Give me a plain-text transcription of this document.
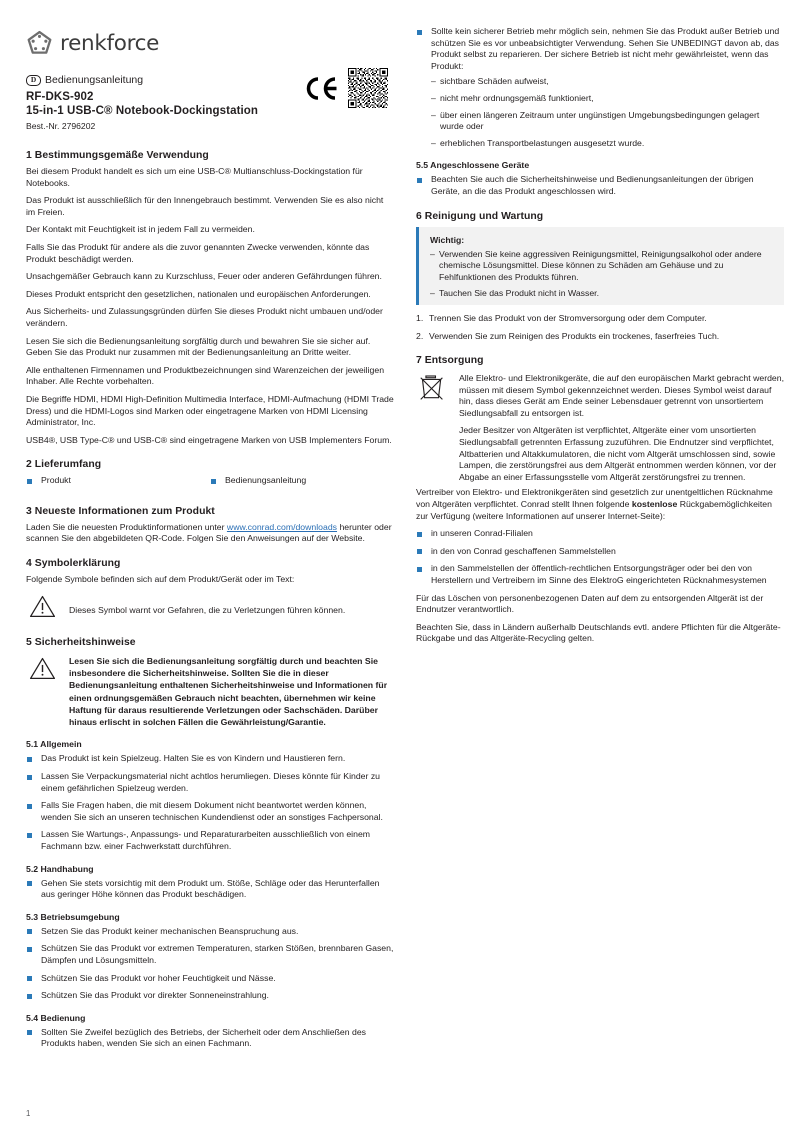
renkforce
D Bedienungsanleitung
RF-DKS-902
15-in-1 USB-C® Notebook-Dockingstation
Best.-Nr. 2796202
1 Bestimmungsgemäße Verwendung

Bei diesem Produkt handelt es sich um eine USB-C® Multianschluss-Dockingstation für Notebooks.

Das Produkt ist ausschließlich für den Innengebrauch bestimmt. Verwenden Sie es also nicht im Freien.

Der Kontakt mit Feuchtigkeit ist in jedem Fall zu vermeiden.

Falls Sie das Produkt für andere als die zuvor genannten Zwecke verwenden, könnte das Produkt beschädigt werden.

Unsachgemäßer Gebrauch kann zu Kurzschluss, Feuer oder anderen Gefährdungen führen.

Dieses Produkt entspricht den gesetzlichen, nationalen und europäischen Anforderungen.

Aus Sicherheits- und Zulassungsgründen dürfen Sie dieses Produkt nicht umbauen und/oder verändern.

Lesen Sie sich die Bedienungsanleitung sorgfältig durch und bewahren Sie sie sicher auf. Geben Sie das Produkt nur zusammen mit der Bedienungsanleitung an Dritte weiter.

Alle enthaltenen Firmennamen und Produktbezeichnungen sind Warenzeichen der jeweiligen Inhaber. Alle Rechte vorbehalten.

Die Begriffe HDMI, HDMI High-Definition Multimedia Interface, HDMI-Aufmachung (HDMI Trade Dress) und die HDMI-Logos sind Marken oder eingetragene Marken von HDMI Licensing Administrator, Inc.

USB4®, USB Type-C® und USB-C® sind eingetragene Marken von USB Implementers Forum.

2 Lieferumfang
Produkt	Bedienungsanleitung
3 Neueste Informationen zum Produkt

Laden Sie die neuesten Produktinformationen unter www.conrad.com/downloads herunter oder scannen Sie den abgebildeten QR-Code. Folgen Sie den Anweisungen auf der Website.

4 Symbolerklärung

Folgende Symbole befinden sich auf dem Produkt/Gerät oder im Text:

Dieses Symbol warnt vor Gefahren, die zu Verletzungen führen können.

5 Sicherheitshinweise

Lesen Sie sich die Bedienungsanleitung sorgfältig durch und beachten Sie insbesondere die Sicherheitshinweise. Sollten Sie die in dieser Bedienungsanleitung enthaltenen Sicherheitshinweise und Informationen für einen ordnungsgemäßen Gebrauch nicht beachten, übernehmen wir keine Haftung für daraus resultierende Verletzungen oder Sachschäden. Darüber hinaus erlischt in solchen Fällen die Gewährleistung/Garantie.

5.1 Allgemein
Das Produkt ist kein Spielzeug. Halten Sie es von Kindern und Haustieren fern.
Lassen Sie Verpackungsmaterial nicht achtlos herumliegen. Dieses könnte für Kinder zu einem gefährlichen Spielzeug werden.
Falls Sie Fragen haben, die mit diesem Dokument nicht beantwortet werden können, wenden Sie sich an unseren technischen Kundendienst oder an sonstiges Fachpersonal.
Lassen Sie Wartungs-, Anpassungs- und Reparaturarbeiten ausschließlich von einem Fachmann bzw. einer Fachwerkstatt durchführen.
5.2 Handhabung
Gehen Sie stets vorsichtig mit dem Produkt um. Stöße, Schläge oder das Herunterfallen aus geringer Höhe können das Produkt beschädigen.
5.3 Betriebsumgebung
Setzen Sie das Produkt keiner mechanischen Beanspruchung aus.
Schützen Sie das Produkt vor extremen Temperaturen, starken Stößen, brennbaren Gasen, Dämpfen und Lösungsmitteln.
Schützen Sie das Produkt vor hoher Feuchtigkeit und Nässe.
Schützen Sie das Produkt vor direkter Sonneneinstrahlung.
5.4 Bedienung
Sollten Sie Zweifel bezüglich des Betriebs, der Sicherheit oder dem Anschließen des Produkts haben, wenden Sie sich an einen Fachmann.
Sollte kein sicherer Betrieb mehr möglich sein, nehmen Sie das Produkt außer Betrieb und schützen Sie es vor unbeabsichtigter Verwendung. Sehen Sie UNBEDINGT davon ab, das Produkt selbst zu reparieren. Der sichere Betrieb ist nicht mehr gewährleistet, wenn das Produkt:
– sichtbare Schäden aufweist,
– nicht mehr ordnungsgemäß funktioniert,
– über einen längeren Zeitraum unter ungünstigen Umgebungsbedingungen gelagert wurde oder
– erheblichen Transportbelastungen ausgesetzt wurde.
5.5 Angeschlossene Geräte
Beachten Sie auch die Sicherheitshinweise und Bedienungsanleitungen der übrigen Geräte, an die das Produkt angeschlossen wird.
6 Reinigung und Wartung

Wichtig:

– Verwenden Sie keine aggressiven Reinigungsmittel, Reinigungsalkohol oder andere chemische Lösungsmittel. Diese können zu Schäden am Gehäuse und zu Fehlfunktionen des Produkts führen.
– Tauchen Sie das Produkt nicht in Wasser.
Trennen Sie das Produkt von der Stromversorgung oder dem Computer.
Verwenden Sie zum Reinigen des Produkts ein trockenes, faserfreies Tuch.
7 Entsorgung

Alle Elektro- und Elektronikgeräte, die auf den europäischen Markt gebracht werden, müssen mit diesem Symbol gekennzeichnet werden. Dieses Symbol weist darauf hin, dass dieses Gerät am Ende seiner Lebensdauer getrennt von unsortiertem Siedlungsabfall zu entsorgen ist.

Jeder Besitzer von Altgeräten ist verpflichtet, Altgeräte einer vom unsortierten Siedlungsabfall getrennten Erfassung zuzuführen. Die Endnutzer sind verpflichtet, Altbatterien und Altakkumulatoren, die nicht vom Altgerät umschlossen sind, sowie Lampen, die zerstörungsfrei aus dem Altgerät entnommen werden können, vor der Abgabe an einer Erfassungsstelle vom Altgerät zerstörungsfrei zu trennen.

Vertreiber von Elektro- und Elektronikgeräten sind gesetzlich zur unentgeltlichen Rücknahme von Altgeräten verpflichtet. Conrad stellt Ihnen folgende kostenlose Rückgabemöglichkeiten zur Verfügung (weitere Informationen auf unserer Internet-Seite):

in unseren Conrad-Filialen
in den von Conrad geschaffenen Sammelstellen
in den Sammelstellen der öffentlich-rechtlichen Entsorgungsträger oder bei den von Herstellern und Vertreibern im Sinne des ElektroG eingerichteten Rücknahmesystemen

Für das Löschen von personenbezogenen Daten auf dem zu entsorgenden Altgerät ist der Endnutzer verantwortlich.

Beachten Sie, dass in Ländern außerhalb Deutschlands evtl. andere Pflichten für die Altgeräte-Rückgabe und das Altgeräte-Recycling gelten.

1
